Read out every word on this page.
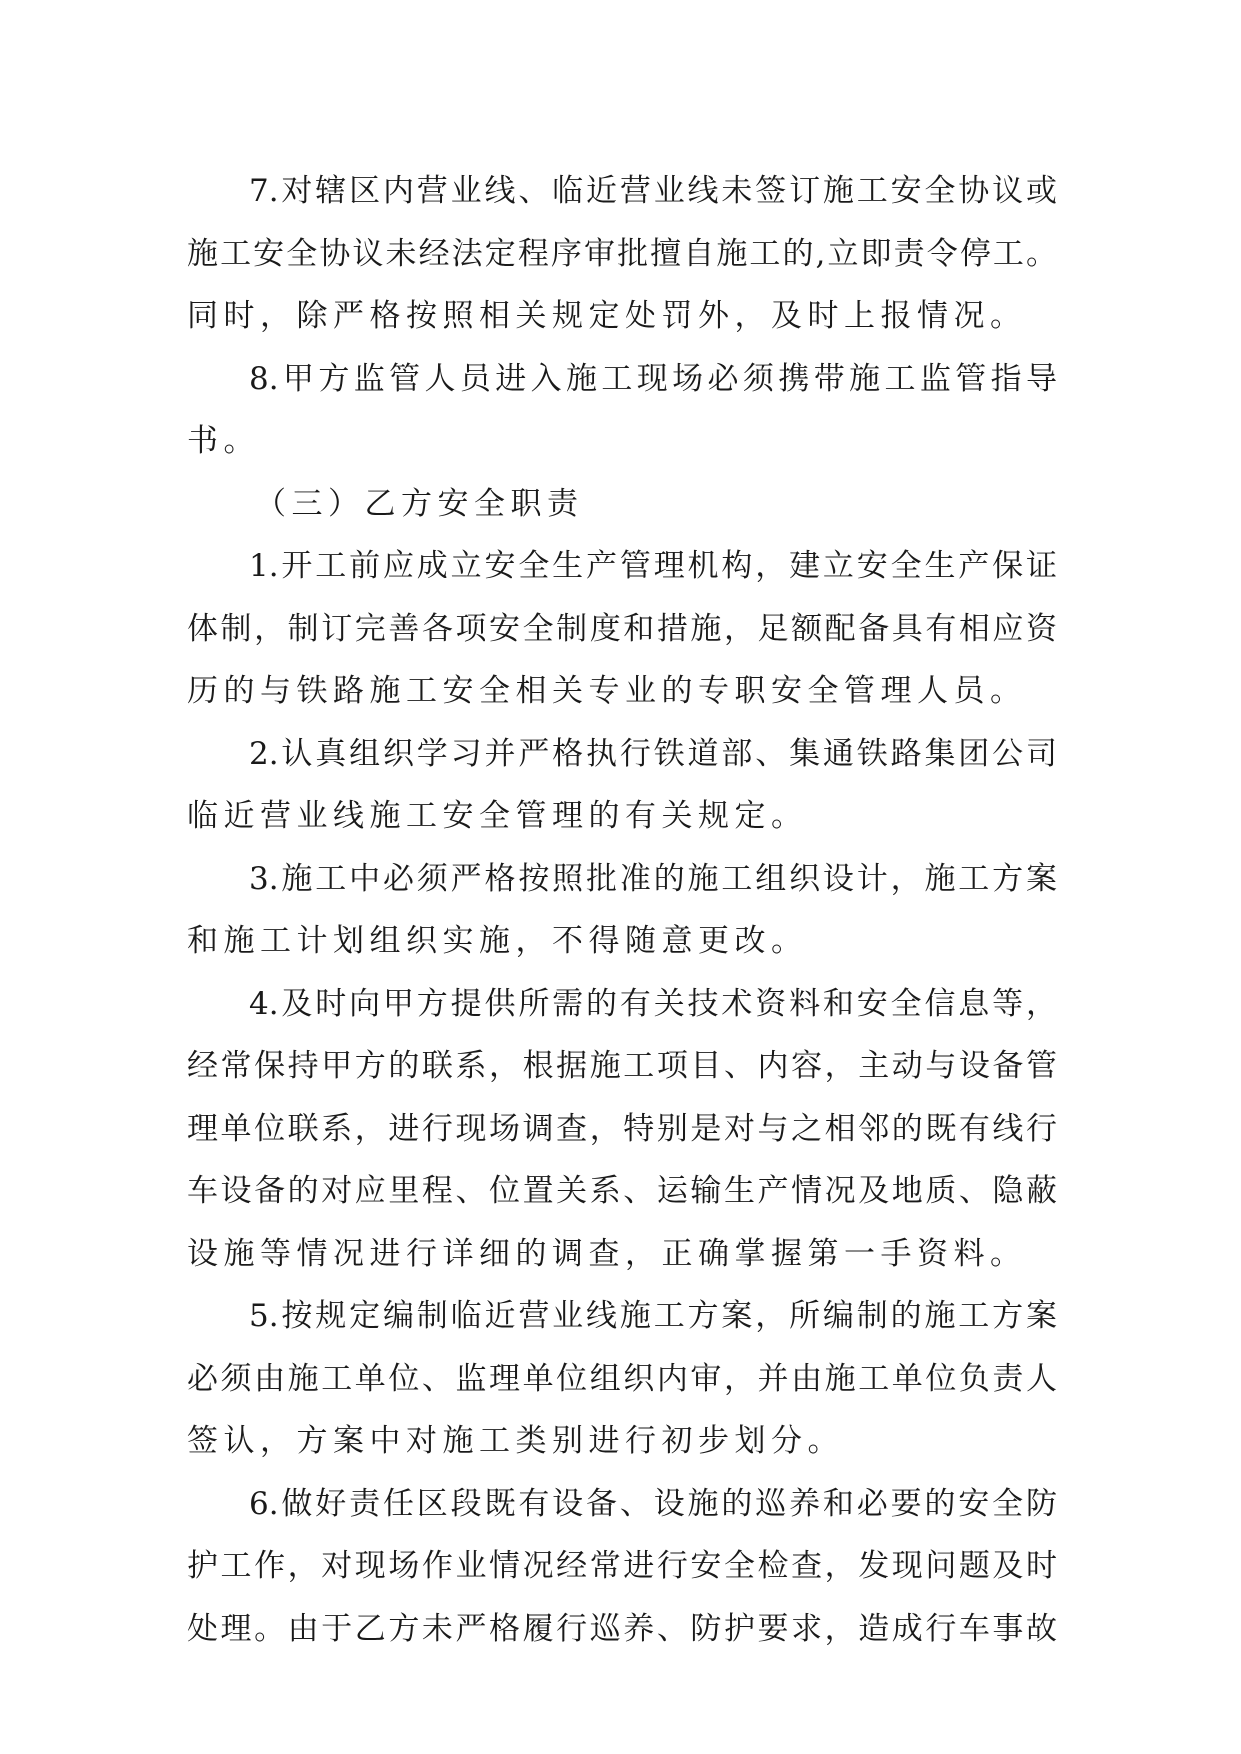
7.对辖区内营业线、临近营业线未签订施工安全协议或
施工安全协议未经法定程序审批擅自施工的,立即责令停工。
同时，除严格按照相关规定处罚外，及时上报情况。
8.甲方监管人员进入施工现场必须携带施工监管指导
书。
（三）乙方安全职责
1.开工前应成立安全生产管理机构，建立安全生产保证
体制，制订完善各项安全制度和措施，足额配备具有相应资
历的与铁路施工安全相关专业的专职安全管理人员。
2.认真组织学习并严格执行铁道部、集通铁路集团公司
临近营业线施工安全管理的有关规定。
3.施工中必须严格按照批准的施工组织设计，施工方案
和施工计划组织实施，不得随意更改。
4.及时向甲方提供所需的有关技术资料和安全信息等，
经常保持甲方的联系，根据施工项目、内容，主动与设备管
理单位联系，进行现场调查，特别是对与之相邻的既有线行
车设备的对应里程、位置关系、运输生产情况及地质、隐蔽
设施等情况进行详细的调查，正确掌握第一手资料。
5.按规定编制临近营业线施工方案，所编制的施工方案
必须由施工单位、监理单位组织内审，并由施工单位负责人
签认，方案中对施工类别进行初步划分。
6.做好责任区段既有设备、设施的巡养和必要的安全防
护工作，对现场作业情况经常进行安全检查，发现问题及时
处理。由于乙方未严格履行巡养、防护要求，造成行车事故
